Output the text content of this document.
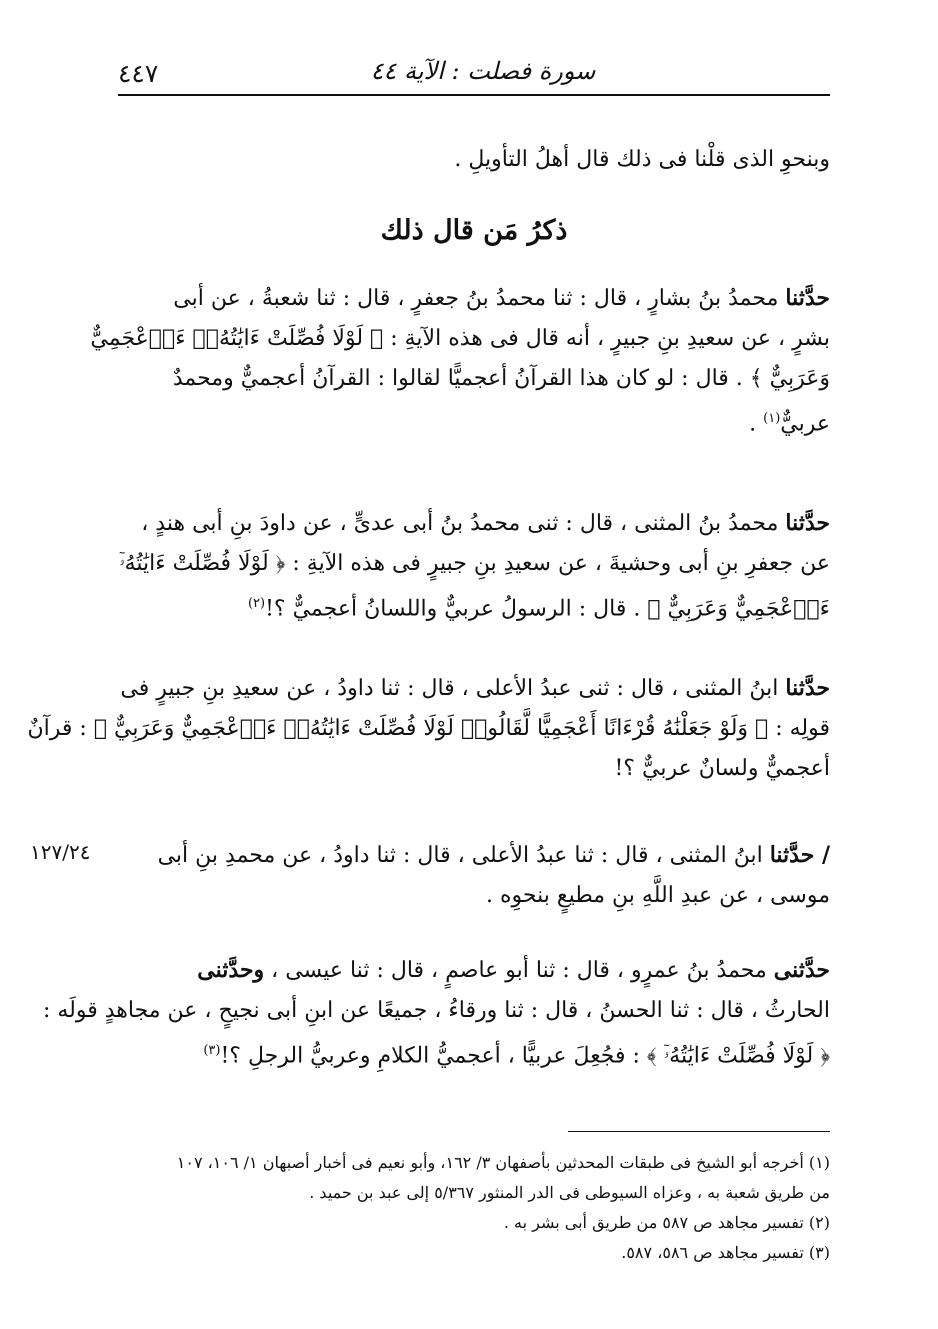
٤٤٧	سورة فصلت : الآية ٤٤
وبنحوِ الذى قلْنا فى ذلك قال أهلُ التأويلِ .
ذكرُ مَن قال ذلك
حدَّثنا محمدُ بنُ بشارٍ ، قال : ثنا محمدُ بنُ جعفرٍ ، قال : ثنا شعبةُ ، عن أبى
بشرٍ ، عن سعيدِ بنِ جبيرٍ ، أنه قال فى هذه الآيةِ : ﴿ لَوْلَا فُصِّلَتْ ءَايَٰتُهُۥٓ ءَا۬عْجَمِيٌّ
وَعَرَبِيٌّ ﴾ . قال : لو كان هذا القرآنُ أعجميًّا لقالوا : القرآنُ أعجميٌّ ومحمدٌ
عربيٌّ$^{(١)}$ .
حدَّثنا محمدُ بنُ المثنى ، قال : ثنى محمدُ بنُ أبى عدىٍّ ، عن داودَ بنِ أبى هندٍ ،
عن جعفرِ بنِ أبى وحشيةَ ، عن سعيدِ بنِ جبيرٍ فى هذه الآيةِ : ﴿ لَوْلَا فُصِّلَتْ ءَايَٰتُهُۥٓ
ءَا۬عْجَمِيٌّ وَعَرَبِيٌّ ﴾ . قال : الرسولُ عربيٌّ واللسانُ أعجميٌّ ؟!$^{(٢)}$
حدَّثنا ابنُ المثنى ، قال : ثنى عبدُ الأعلى ، قال : ثنا داودُ ، عن سعيدِ بنِ جبيرٍ فى
قولِه : ﴿ وَلَوْ جَعَلْنَٰهُ قُرْءَانًا أَعْجَمِيًّا لَّقَالُوا۟ لَوْلَا فُصِّلَتْ ءَايَٰتُهُۥٓ ءَا۬عْجَمِيٌّ وَعَرَبِيٌّ ﴾ : قرآنٌ
أعجميٌّ ولسانٌ عربيٌّ ؟!
/ حدَّثنا ابنُ المثنى ، قال : ثنا عبدُ الأعلى ، قال : ثنا داودُ ، عن محمدِ بنِ أبى
موسى ، عن عبدِ اللَّهِ بنِ مطيعٍ بنحوِه .
١٢٧/٢٤
حدَّثنى محمدُ بنُ عمرٍو ، قال : ثنا أبو عاصمٍ ، قال : ثنا عيسى ، وحدَّثنى
الحارثُ ، قال : ثنا الحسنُ ، قال : ثنا ورقاءُ ، جميعًا عن ابنِ أبى نجيحٍ ، عن مجاهدٍ قولَه :
﴿ لَوْلَا فُصِّلَتْ ءَايَٰتُهُۥٓ ﴾ : فجُعِلَ عربيًّا ، أعجميُّ الكلامِ وعربيُّ الرجلِ ؟!$^{(٣)}$
(١) أخرجه أبو الشيخ فى طبقات المحدثين بأصفهان ٣/ ١٦٢، وأبو نعيم فى أخبار أصبهان ١/ ١٠٦، ١٠٧
من طريق شعبة به ، وعزاه السيوطى فى الدر المنثور ٥/٣٦٧ إلى عبد بن حميد .
(٢) تفسير مجاهد ص ٥٨٧ من طريق أبى بشر به .
(٣) تفسير مجاهد ص ٥٨٦، ٥٨٧.
